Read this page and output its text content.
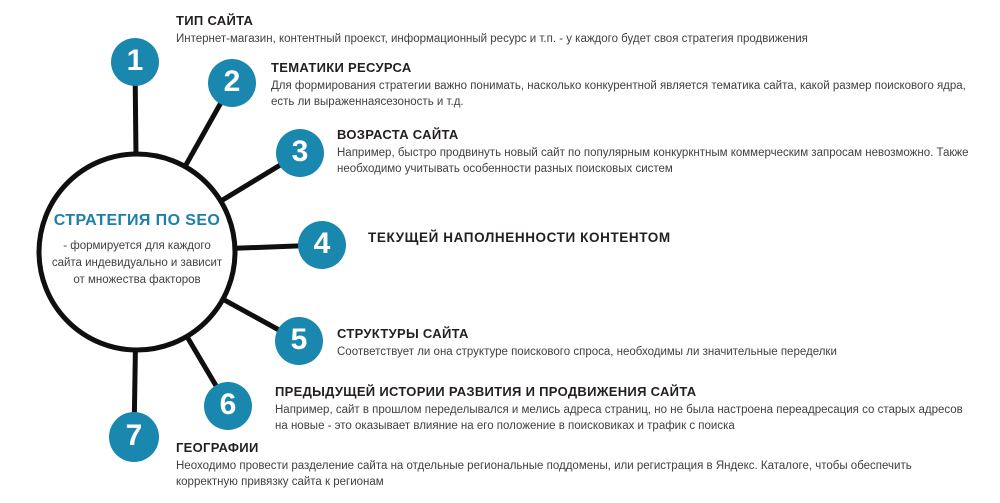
СТРАТЕГИЯ ПО SEO
- формируется для каждого
сайта индевидуально и зависит
от множества факторов
1
2
3
4
5
6
7
ТИП САЙТА
Интернет-магазин, контентный проекст, информационный ресурс и т.п. - у каждого будет своя стратегия продвижения
ТЕМАТИКИ РЕСУРСА
Для формирования стратегии важно понимать, насколько конкурентной является тематика сайта, какой размер поискового ядра,
есть ли выраженнаясезоность и т.д.
ВОЗРАСТА САЙТА
Например, быстро продвинуть новый сайт по популярным конкуркнтным коммерческим запросам невозможно. Также
необходимо учитывать особенности разных поисковых систем
ТЕКУЩЕЙ НАПОЛНЕННОСТИ КОНТЕНТОМ
СТРУКТУРЫ САЙТА
Соответствует ли она структуре поискового спроса, необходимы ли значительные переделки
ПРЕДЫДУЩЕЙ ИСТОРИИ РАЗВИТИЯ И ПРОДВИЖЕНИЯ САЙТА
Например, сайт в прошлом переделывался и мелись адреса страниц, но не была настроена переадресация со старых адресов
на новые - это оказывает влияние на его положение в поисковиках и трафик с поиска
ГЕОГРАФИИ
Неоходимо провести разделение сайта на отдельные региональные поддомены, или регистрация в Яндекс. Каталоге, чтобы обеспечить
корректную привязку сайта к регионам
